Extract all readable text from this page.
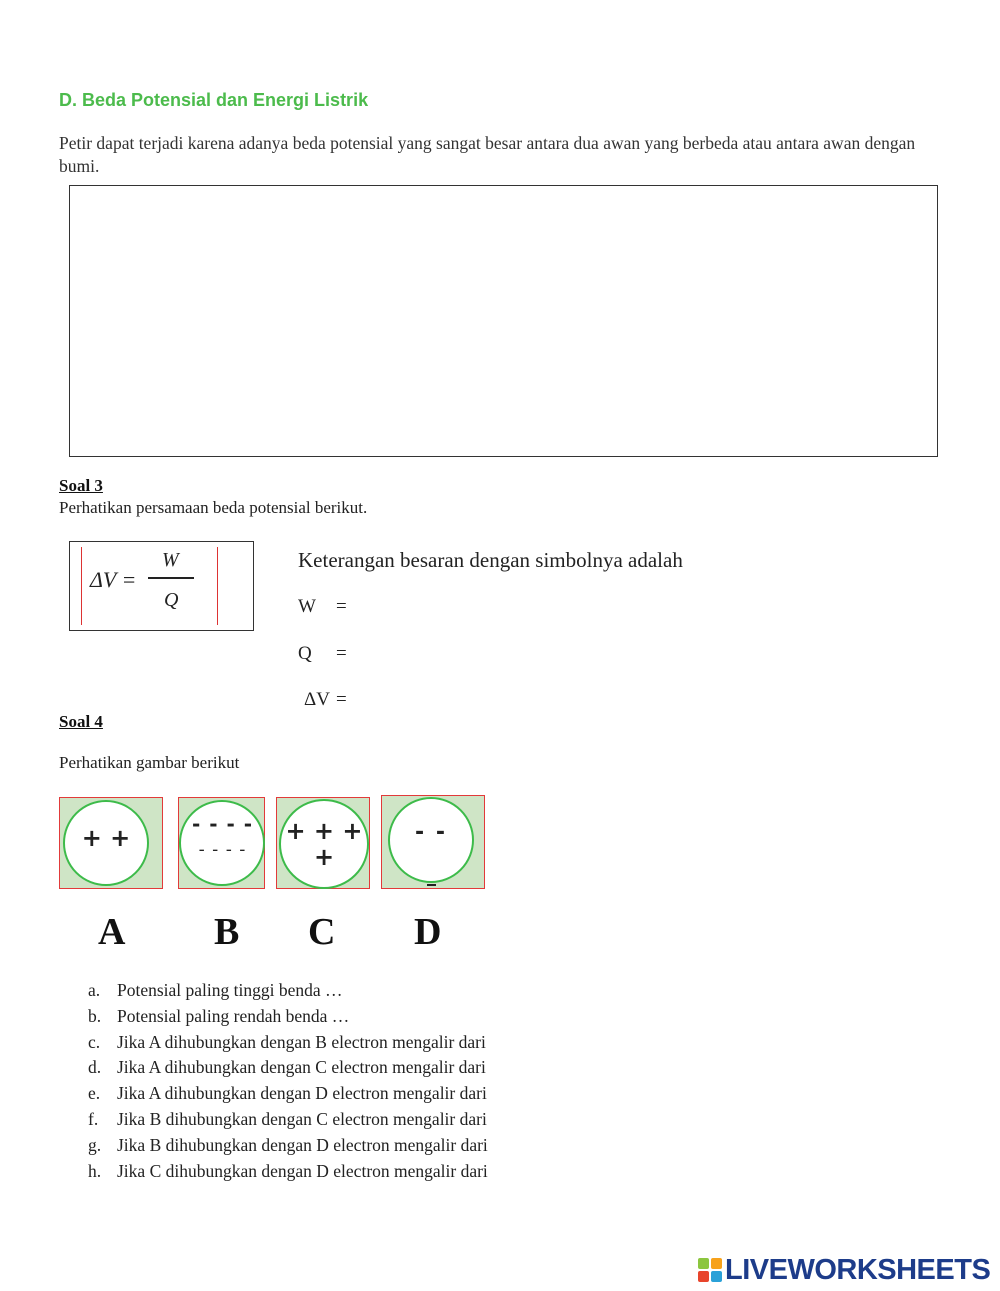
D. Beda Potensial dan Energi Listrik
Petir dapat terjadi karena adanya beda potensial yang sangat besar antara dua awan yang berbeda atau antara awan dengan bumi.
Soal 3
Perhatikan persamaan beda potensial berikut.
ΔV =
W
Q
Keterangan besaran dengan simbolnya adalah
W =
Q =
ΔV =
Soal 4
Perhatikan gambar berikut
+ +	- - - -
- - - -
+ + +
+
- -
A B C D
a. Potensial paling tinggi benda …
b. Potensial paling rendah benda …
c. Jika A dihubungkan dengan B electron mengalir dari
d. Jika A dihubungkan dengan C electron mengalir dari
e. Jika A dihubungkan dengan D electron mengalir dari
f. Jika B dihubungkan dengan C electron mengalir dari
g. Jika B dihubungkan dengan D electron mengalir dari
h. Jika C dihubungkan dengan D electron mengalir dari
LIVEWORKSHEETS
